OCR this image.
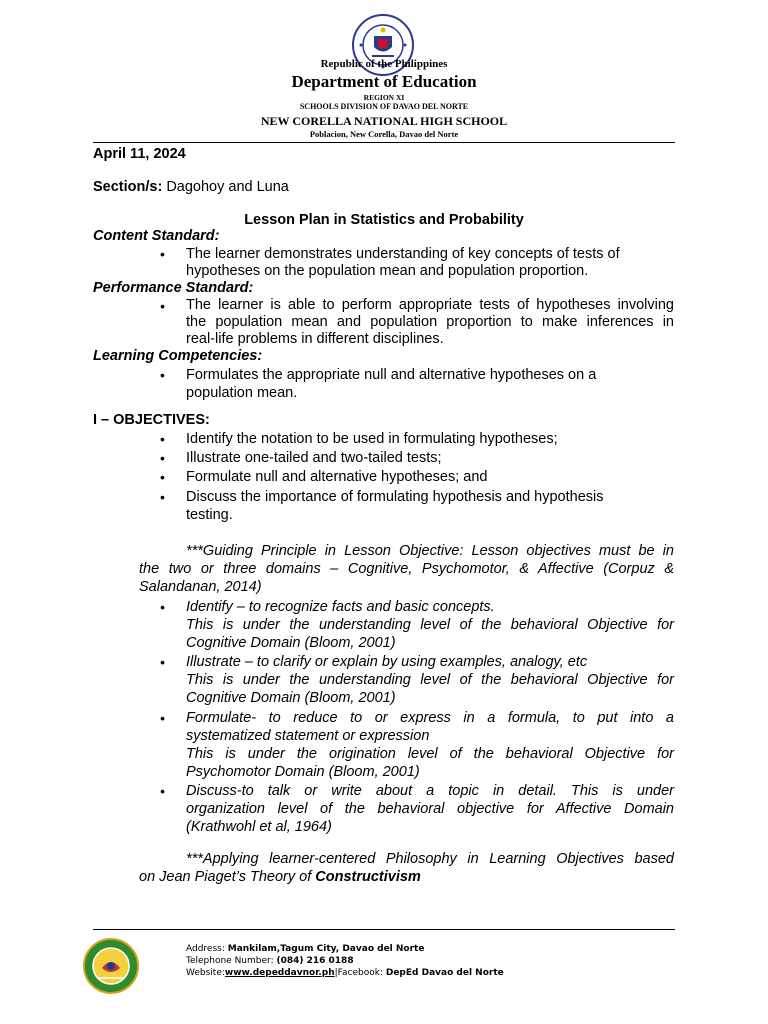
Republic of the Philippines
Department of Education
REGION XI
SCHOOLS DIVISION OF DAVAO DEL NORTE
NEW CORELLA NATIONAL HIGH SCHOOL
Poblacion, New Corella, Davao del Norte
April 11, 2024
Section/s: Dagohoy and Luna
Lesson Plan in Statistics and Probability
Content Standard:
• The learner demonstrates understanding of key concepts of tests of
hypotheses on the population mean and population proportion.
Performance Standard:
• The learner is able to perform appropriate tests of hypotheses involving
the population mean and population proportion to make inferences in
real-life problems in different disciplines.
Learning Competencies:
• Formulates the appropriate null and alternative hypotheses on a
population mean.
I – OBJECTIVES:
• Identify the notation to be used in formulating hypotheses;
• Illustrate one-tailed and two-tailed tests;
• Formulate null and alternative hypotheses; and
• Discuss the importance of formulating hypothesis and hypothesis
testing.
***Guiding Principle in Lesson Objective: Lesson objectives must be in
the two or three domains – Cognitive, Psychomotor, & Affective (Corpuz &
Salandanan, 2014)
• Identify – to recognize facts and basic concepts.
This is under the understanding level of the behavioral Objective for
Cognitive Domain (Bloom, 2001)
• Illustrate – to clarify or explain by using examples, analogy, etc
This is under the understanding level of the behavioral Objective for
Cognitive Domain (Bloom, 2001)
• Formulate- to reduce to or express in a formula, to put into a
systematized statement or expression
This is under the origination level of the behavioral Objective for
Psychomotor Domain (Bloom, 2001)
• Discuss-to talk or write about a topic in detail. This is under
organization level of the behavioral objective for Affective Domain
(Krathwohl et al, 1964)
***Applying learner-centered Philosophy in Learning Objectives based
on Jean Piaget’s Theory of Constructivism
Address: Mankilam,Tagum City, Davao del Norte
Telephone Number: (084) 216 0188
Website:www.depeddavnor.ph|Facebook: DepEd Davao del Norte
